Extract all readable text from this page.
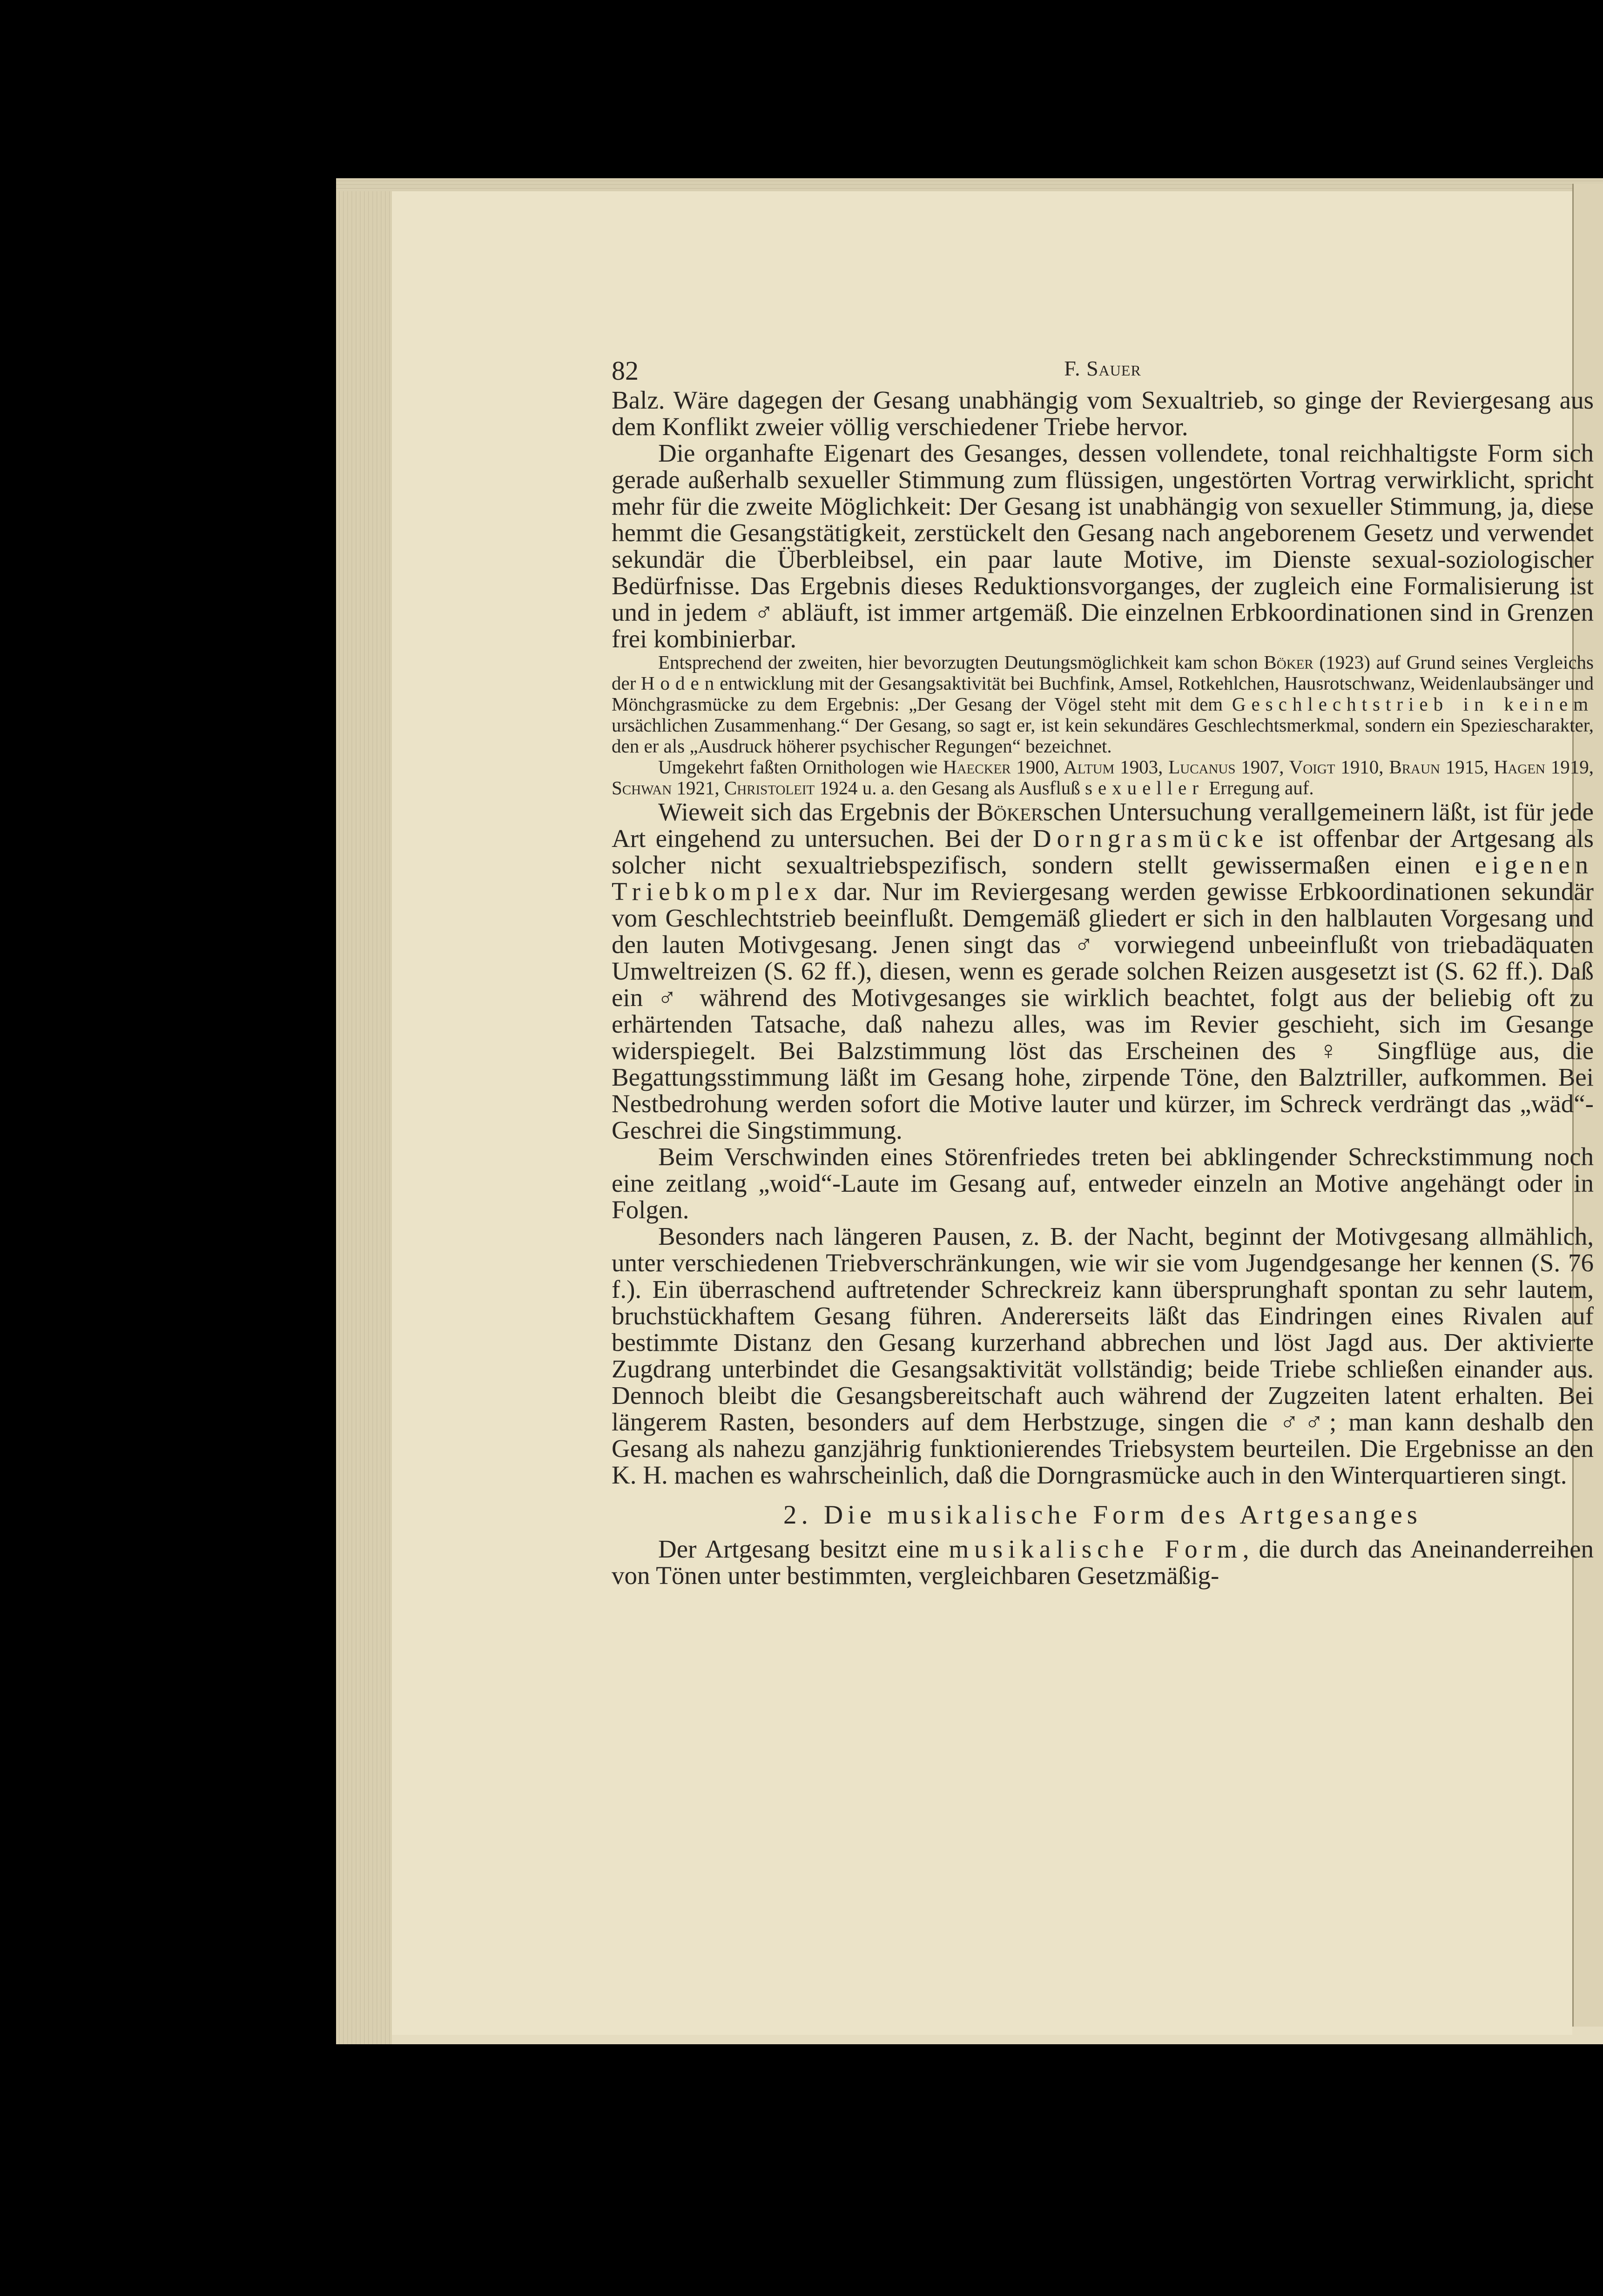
82	F. Sauer

Balz. Wäre dagegen der Gesang unabhängig vom Sexualtrieb, so ginge der Reviergesang aus dem Konflikt zweier völlig verschiedener Triebe hervor.

Die organhafte Eigenart des Gesanges, dessen vollendete, tonal reichhaltigste Form sich gerade außerhalb sexueller Stimmung zum flüssigen, ungestörten Vortrag verwirklicht, spricht mehr für die zweite Möglichkeit: Der Gesang ist unabhängig von sexueller Stimmung, ja, diese hemmt die Gesangstätigkeit, zerstückelt den Gesang nach angeborenem Gesetz und verwendet sekundär die Überbleibsel, ein paar laute Motive, im Dienste sexual-soziologischer Bedürfnisse. Das Ergebnis dieses Reduktionsvorganges, der zugleich eine Formalisierung ist und in jedem ♂ abläuft, ist immer artgemäß. Die einzelnen Erbkoordinationen sind in Grenzen frei kombinierbar.

Entsprechend der zweiten, hier bevorzugten Deutungsmöglichkeit kam schon Böker (1923) auf Grund seines Vergleichs der Hodenentwicklung mit der Gesangsaktivität bei Buchfink, Amsel, Rotkehlchen, Hausrotschwanz, Weidenlaubsänger und Mönchgrasmücke zu dem Ergebnis: „Der Gesang der Vögel steht mit dem Geschlechtstrieb in keinem ursächlichen Zusammenhang.“ Der Gesang, so sagt er, ist kein sekundäres Geschlechtsmerkmal, sondern ein Speziescharakter, den er als „Ausdruck höherer psychischer Regungen“ bezeichnet.

Umgekehrt faßten Ornithologen wie Haecker 1900, Altum 1903, Lucanus 1907, Voigt 1910, Braun 1915, Hagen 1919, Schwan 1921, Christoleit 1924 u. a. den Gesang als Ausfluß sexueller Erregung auf.

Wieweit sich das Ergebnis der Bökerschen Untersuchung verallgemeinern läßt, ist für jede Art eingehend zu untersuchen. Bei der Dorngrasmücke ist offenbar der Artgesang als solcher nicht sexualtriebspezifisch, sondern stellt gewissermaßen einen eigenen Triebkomplex dar. Nur im Reviergesang werden gewisse Erbkoordinationen sekundär vom Geschlechtstrieb beeinflußt. Demgemäß gliedert er sich in den halblauten Vorgesang und den lauten Motivgesang. Jenen singt das ♂ vorwiegend unbeeinflußt von triebadäquaten Umweltreizen (S. 62 ff.), diesen, wenn es gerade solchen Reizen ausgesetzt ist (S. 62 ff.). Daß ein ♂ während des Motivgesanges sie wirklich beachtet, folgt aus der beliebig oft zu erhärtenden Tatsache, daß nahezu alles, was im Revier geschieht, sich im Gesange widerspiegelt. Bei Balzstimmung löst das Erscheinen des ♀ Singflüge aus, die Begattungsstimmung läßt im Gesang hohe, zirpende Töne, den Balztriller, aufkommen. Bei Nestbedrohung werden sofort die Motive lauter und kürzer, im Schreck verdrängt das „wäd“-Geschrei die Singstimmung.

Beim Verschwinden eines Störenfriedes treten bei abklingender Schreckstimmung noch eine zeitlang „woid“-Laute im Gesang auf, entweder einzeln an Motive angehängt oder in Folgen.

Besonders nach längeren Pausen, z. B. der Nacht, beginnt der Motivgesang allmählich, unter verschiedenen Triebverschränkungen, wie wir sie vom Jugendgesange her kennen (S. 76 f.). Ein überraschend auftretender Schreckreiz kann übersprunghaft spontan zu sehr lautem, bruchstückhaftem Gesang führen. Andererseits läßt das Eindringen eines Rivalen auf bestimmte Distanz den Gesang kurzerhand abbrechen und löst Jagd aus. Der aktivierte Zugdrang unterbindet die Gesangsaktivität vollständig; beide Triebe schließen einander aus. Dennoch bleibt die Gesangsbereitschaft auch während der Zugzeiten latent erhalten. Bei längerem Rasten, besonders auf dem Herbstzuge, singen die ♂♂; man kann deshalb den Gesang als nahezu ganzjährig funktionierendes Triebsystem beurteilen. Die Ergebnisse an den K. H. machen es wahrscheinlich, daß die Dorngrasmücke auch in den Winterquartieren singt.

2. Die musikalische Form des Artgesanges

Der Artgesang besitzt eine musikalische Form, die durch das Aneinanderreihen von Tönen unter bestimmten, vergleichbaren Gesetzmäßig-
